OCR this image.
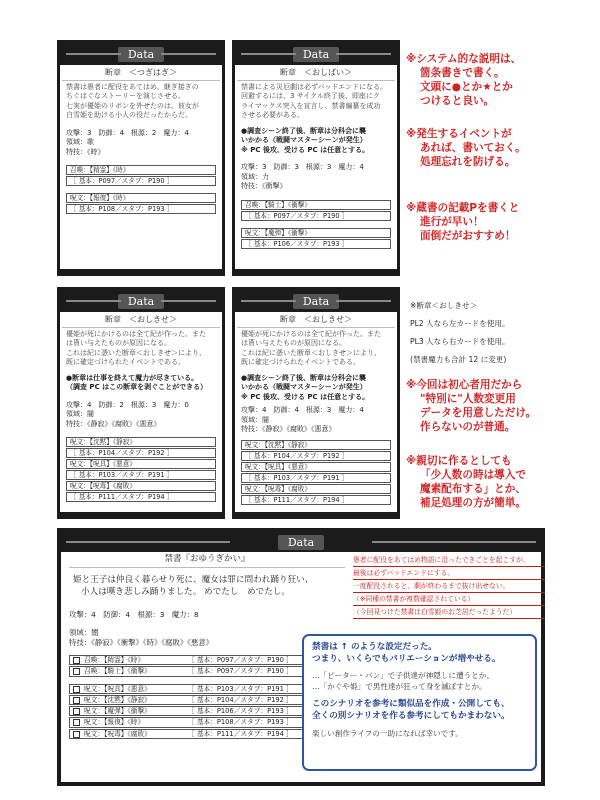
Data
断章　＜つぎはぎ＞
禁書は愚者に配役をあてはめ、継ぎ接ぎの
ちぐはぐなストーリーを演じさせる。
七実が優姫のリボンを外せたのは、彼女が
白雪姫を助ける小人の役だったからだ。
攻撃：3　防御：4　根源：2　魔力：4
領域：歌
特技：《時》
召喚：【精霊】《時》
［ 基本：P097／スタブ：P190 ］
呪文：【報復】《時》
［ 基本：P108／スタブ：P193 ］
Data
断章　＜おしばい＞
禁書による災厄劇は必ずバッドエンドになる。
回避するには、3 サイクル終了後、即座にク
ライマックス突入を宣言し、禁書編纂を成功
させる必要がある。
●調査シーン終了後、断章は分科会に襲
いかかる（戦闘マスターシーンが発生）
※ PC 後攻、受ける PC は任意とする。
攻撃：3　防御：3　根源：3　魔力：4
領域：力
特技：《衝撃》
召喚：【騎士】《衝撃》
［ 基本：P097／スタブ：P190 ］
呪文：【魔弾】《衝撃》
［ 基本：P106／スタブ：P193 ］
Data
断章　＜おしきせ＞
優姫が死にかけるのは全て紀が作った。また
は貰い与えたものが原因になる。
これは紀に憑いた断章＜おしきせ＞により、
既に確定づけられたイベントである。
●断章は仕事を終えて魔力が尽きている。
（調査 PC はこの断章を剥ぐことができる）
攻撃：4　防御：2　根源：3　魔力：0
領域：闇
特技：《静寂》《腐敗》《悪意》
呪文：【沈黙】《静寂》
［ 基本：P104／スタブ：P192 ］
呪文：【呪具】《悪意》
［ 基本：P103／スタブ：P191 ］
呪文：【呪毒】《腐敗》
［ 基本：P111／スタブ：P194 ］
Data
断章　＜おしきせ＞
優姫が死にかけるのは全て紀が作った。また
は貰い与えたものが原因になる。
これは紀に憑いた断章＜おしきせ＞により、
既に確定づけられたイベントである。
●調査シーン終了後、断章は分科会に襲
いかかる（戦闘マスターシーンが発生）
※ PC 後攻、受ける PC は任意とする。
攻撃：4　防御：4　根源：3　魔力：4
領域：闇
特技：《静寂》《腐敗》《悪意》
呪文：【沈黙】《静寂》
［ 基本：P104／スタブ：P192 ］
呪文：【呪具】《悪意》
［ 基本：P103／スタブ：P191 ］
呪文：【呪毒】《腐敗》
［ 基本：P111／スタブ：P194 ］
※システム的な説明は、
箇条書きで書く。
文頭に●とか★とか
つけると良い。
※発生するイベントが
あれば、書いておく。
処理忘れを防げる。
※蔵書の記載Pを書くと
進行が早い！
面倒だがおすすめ！
※断章＜おしきせ＞
PL2 人なら左カードを使用。
PL3 人なら右カードを使用。
(禁書魔力も合計 12 に変更)
※今回は初心者用だから
"特別に"人数変更用
データを用意しただけ。
作らないのが普通。
※親切に作るとしても
「少人数の時は導入で
魔素配布する」とか、
補足処理の方が簡単。
Data
禁書『おゆうぎかい』
姫と王子は仲良く暮らせり死に、魔女は罪に問われ踊り狂い、
小人は嘆き悲しみ踊りました。 めでたし　めでたし。
攻撃：4　防御：4　根源：3　魔力：8
領域：闇
特技：《静寂》《衝撃》《時》《腐敗》《悪意》
召喚：【精霊】《時》	［ 基本：P097／スタブ：P190 ］
召喚：【騎士】《衝撃》	［ 基本：P097／スタブ：P190 ］
呪文：【呪具】《悪意》	［ 基本：P103／スタブ：P191 ］
呪文：【沈黙】《静寂》	［ 基本：P104／スタブ：P192 ］
呪文：【魔弾】《衝撃》	［ 基本：P106／スタブ：P193 ］
呪文：【報復】《時》	［ 基本：P108／スタブ：P193 ］
呪文：【呪毒】《腐敗》	［ 基本：P111／スタブ：P194 ］
愚者に配役をあてはめ物語に沿ったできごとを起こすが、
最後は必ずバッドエンドにする。
一度配役されると、劇が終わるまで抜け出せない。
（※同種の禁書が複数確認されている）
（今回見つけた禁書は白雪姫のお芝居だったようだ）
禁書は ↑ のような設定だった。
つまり、いくらでもバリエーションが増やせる。
…「ピーター・パン」で子供達が神隠しに遭うとか、
…「かぐや姫」で男性達が狂って身を滅ぼすとか。
このシナリオを参考に類似品を作成・公開しても、
全くの別シナリオを作る参考にしてもかまわない。
楽しい創作ライフの一助になれば幸いです。
